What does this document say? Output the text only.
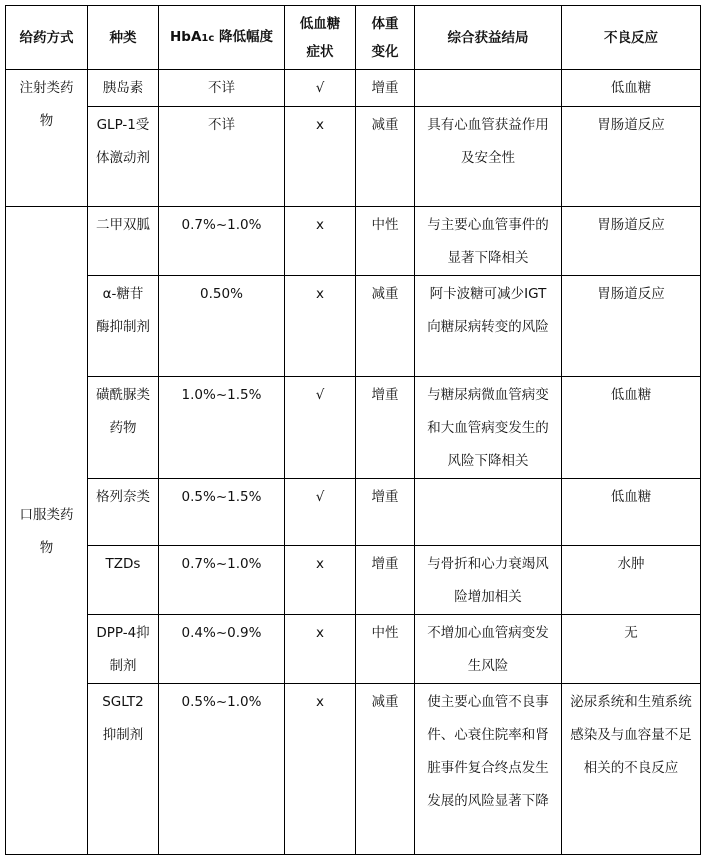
给药方式	种类	HbA1c 降低幅度	低血糖症状	体重变化	综合获益结局	不良反应
注射类药物	胰岛素	不详	√	增重		低血糖
	GLP-1受体激动剂	不详	x	减重	具有心血管获益作用及安全性	胃肠道反应
口服类药物	二甲双胍	0.7%~1.0%	x	中性	与主要心血管事件的显著下降相关	胃肠道反应
	α-糖苷酶抑制剂	0.50%	x	减重	阿卡波糖可减少IGT 向糖尿病转变的风险	胃肠道反应
	磺酰脲类药物	1.0%~1.5%	√	增重	与糖尿病微血管病变和大血管病变发生的风险下降相关	低血糖
	格列奈类	0.5%~1.5%	√	增重		低血糖
	TZDs	0.7%~1.0%	x	增重	与骨折和心力衰竭风险增加相关	水肿
	DPP-4抑制剂	0.4%~0.9%	x	中性	不增加心血管病变发生风险	无
	SGLT2抑制剂	0.5%~1.0%	x	减重	使主要心血管不良事件、心衰住院率和肾脏事件复合终点发生发展的风险显著下降	泌尿系统和生殖系统感染及与血容量不足相关的不良反应
